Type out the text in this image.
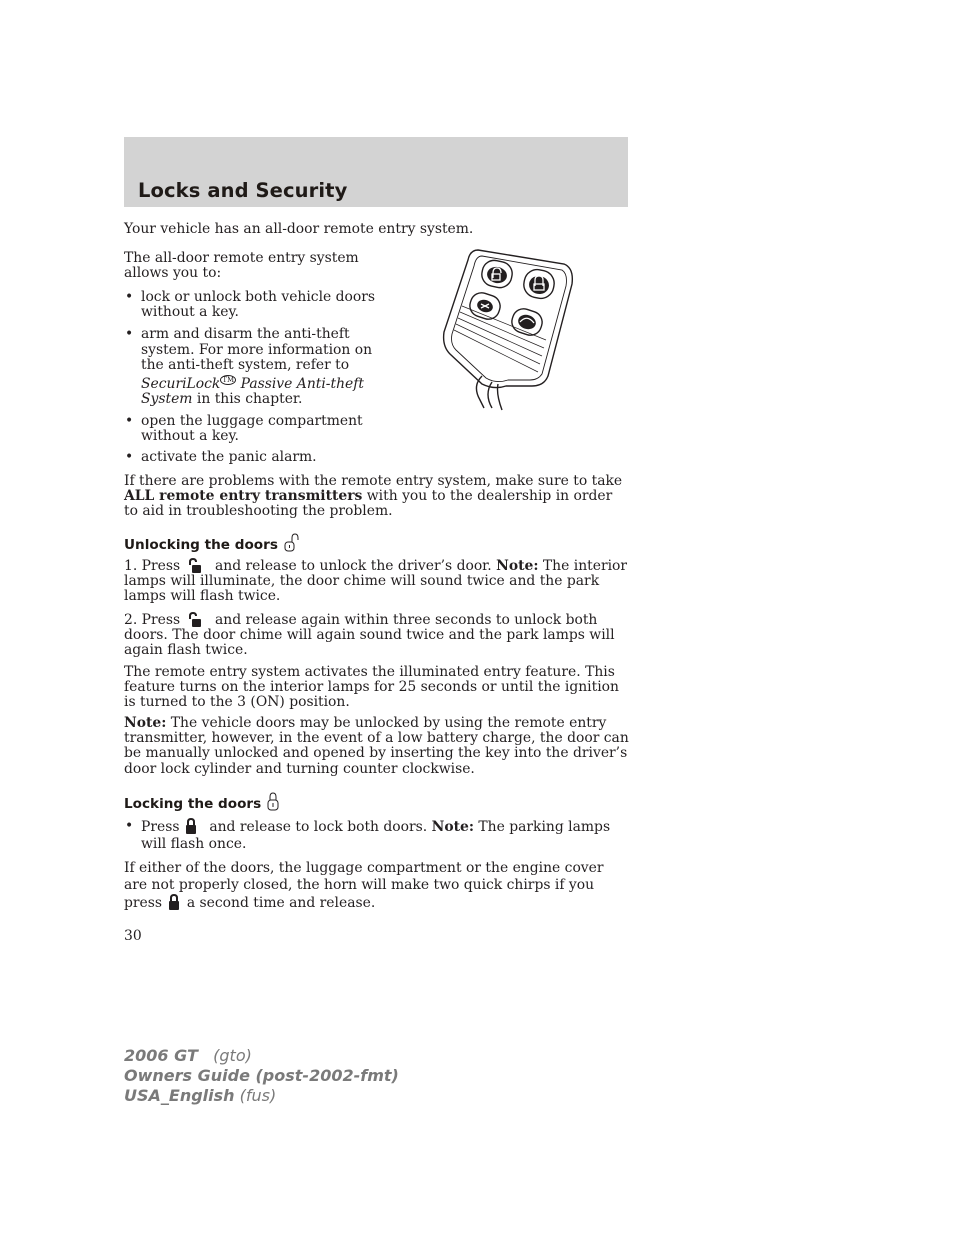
Locks and Security
Your vehicle has an all-door remote entry system.
The all-door remote entry system allows you to:
• lock or unlock both vehicle doors without a key.
• arm and disarm the anti-theft system. For more information on the anti-theft system, refer to SecuriLock ™ Passive Anti-theft System in this chapter.
• open the luggage compartment without a key.
• activate the panic alarm.
If there are problems with the remote entry system, make sure to take ALL remote entry transmitters with you to the dealership in order to aid in troubleshooting the problem.
Unlocking the doors
1. Press	and release to unlock the driver’s door. Note: The interior lamps will illuminate, the door chime will sound twice and the park lamps will flash twice.
2. Press	and release again within three seconds to unlock both doors. The door chime will again sound twice and the park lamps will again flash twice.
The remote entry system activates the illuminated entry feature. This feature turns on the interior lamps for 25 seconds or until the ignition is turned to the 3 (ON) position.
Note: The vehicle doors may be unlocked by using the remote entry transmitter, however, in the event of a low battery charge, the door can be manually unlocked and opened by inserting the key into the driver’s door lock cylinder and turning counter clockwise.
Locking the doors
• Press and release to lock both doors. Note: The parking lamps will flash once.
If either of the doors, the luggage compartment or the engine cover are not properly closed, the horn will make two quick chirps if you press a second time and release.
30
2006 GT (gto)
Owners Guide (post-2002-fmt)
USA_English (fus)
